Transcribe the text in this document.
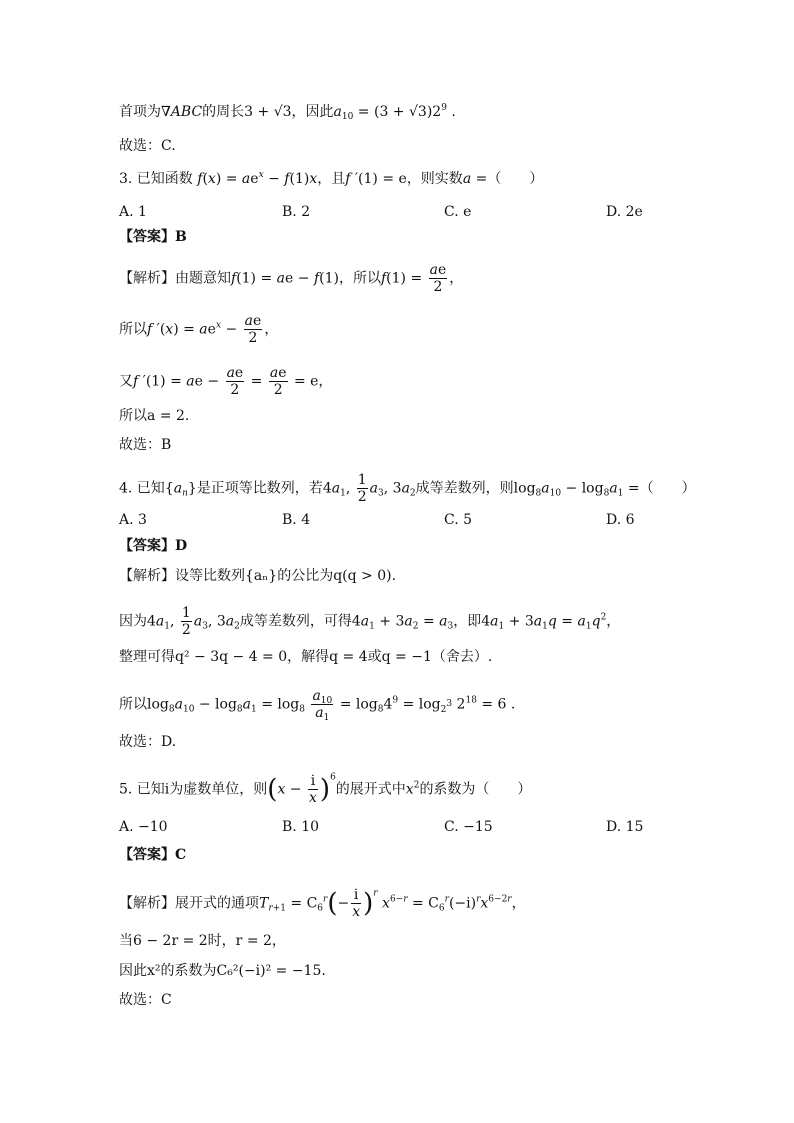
首项为∇ABC的周长3 + √3，因此$a_{10} = (3 + √3)2^9$ .
故选：C.
3. 已知函数 $f(x) = ae^x - f(1)x$，且f ′(1) = e，则实数a =（　　）
A. 1	B. 2	C. e	D. 2e
【答案】B
【解析】由题意知f(1) = ae − f(1)，所以$f(1) = \frac{ae}{2}$ ，
所以f $'(x) = ae^x - \frac{ae}{2}$ ，
又f ′(1) = ae − $\frac{ae}{2} = \frac{ae}{2} = e$，
所以a = 2.
故选：B
4. 已知$\{a_n\}$是正项等比数列，若$4a_1$, $\frac{1}{2} a_3$, $3a_2$成等差数列，则$\log_8a_{10} - \log_8a_1$ =（　　）
A. 3	B. 4	C. 5	D. 6
【答案】D
【解析】设等比数列{aₙ}的公比为q(q > 0).
因为$4a_1$, $\frac{1}{2} a_3$, $3a_2$成等差数列，可得$4a_1 + 3a_2 = a_3$，即$4a_1 + 3a_1q = a_1q^2$，
整理可得q² − 3q − 4 = 0，解得q = 4或q = −1（舍去）.
所以$\log_8a_{10} - \log_8a_1 = \log_8 \frac{a_{10}}{a_1} = \log_84^9 = \log_{2^3} 2^{18} = 6$ .
故选：D.
5. 已知i为虚数单位，则$(x - \frac{i}{x} )^6$的展开式中$x^2$的系数为（　　）
A. −10	B. 10	C. −15	D. 15
【答案】C
【解析】展开式的通项$T_{r+1} = C_6^r(- \frac{i}{x} )^r$ $x^{6-r} = C_6^r(-i)^rx^{6-2r}$，
当6 − 2r = 2时，r = 2，
因此x²的系数为C₆²(−i)² = −15.
故选：C
